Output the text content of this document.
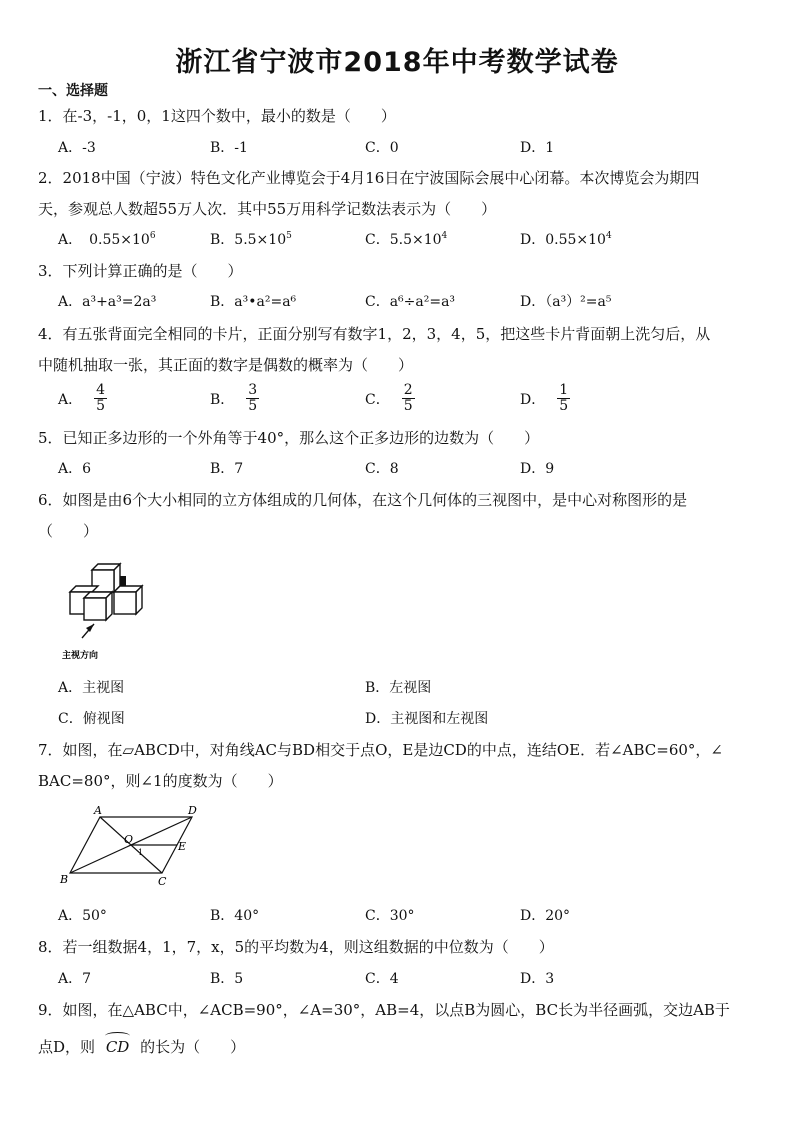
浙江省宁波市2018年中考数学试卷
一、选择题
1．在-3，-1，0，1这四个数中，最小的数是（　　）
A．-3	B．-1	C．0	D．1
2．2018中国（宁波）特色文化产业博览会于4月16日在宁波国际会展中心闭幕。本次博览会为期四
天，参观总人数超55万人次．其中55万用科学记数法表示为（　　）
A．　$0.55\times 10^6$	B．$5.5\times 10^5$	C．$5.5\times 10^4$	D．$0.55\times 10^4$
3．下列计算正确的是（　　）
A．a³+a³=2a³	B．a³•a²=a⁶	C．a⁶÷a²=a³	D．（a³）²=a⁵
4．有五张背面完全相同的卡片，正面分别写有数字1，2，3，4，5，把这些卡片背面朝上洗匀后，从
中随机抽取一张，其正面的数字是偶数的概率为（　　）
A．
4
5	B．
3
5	C．
2
5	D．
1
5
5．已知正多边形的一个外角等于40°，那么这个正多边形的边数为（　　）
A．6	B．7	C．8	D．9
6．如图是由6个大小相同的立方体组成的几何体，在这个几何体的三视图中，是中心对称图形的是
（　　）
主视方向
A．主视图	B．左视图
C．俯视图	D．主视图和左视图
7．如图，在▱ABCD中，对角线AC与BD相交于点O，E是边CD的中点，连结OE．若∠ABC=60°，∠
BAC=80°，则∠1的度数为（　　）
A	D
B	C
O
E
1
A．50°	B．40°	C．30°	D．20°
8．若一组数据4，1，7，x，5的平均数为4，则这组数据的中位数为（　　）
A．7	B．5	C．4	D．3
9．如图，在△ABC中，∠ACB=90°，∠A=30°，AB=4，以点B为圆心，BC长为半径画弧，交边AB于
点D，则 CD 的长为（　　）
